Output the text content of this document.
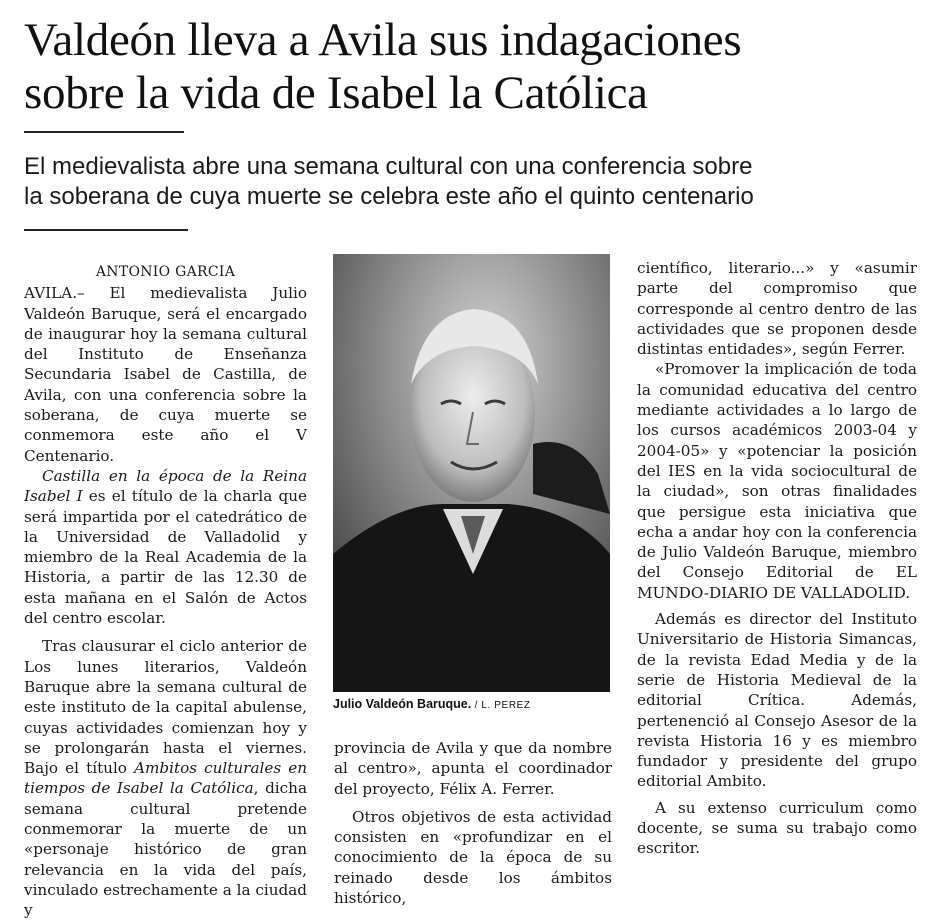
Valdeón lleva a Avila sus indagaciones
sobre la vida de Isabel la Católica
El medievalista abre una semana cultural con una conferencia sobre
la soberana de cuya muerte se celebra este año el quinto centenario
ANTONIO GARCIA

AVILA.– El medievalista Julio Valdeón Baruque, será el encargado de inaugurar hoy la semana cultural del Instituto de Enseñanza Secundaria Isabel de Castilla, de Avila, con una conferencia sobre la soberana, de cuya muerte se conmemora este año el V Centenario.

Castilla en la época de la Reina Isabel I es el título de la charla que será impartida por el catedrático de la Universidad de Valladolid y miembro de la Real Academia de la Historia, a partir de las 12.30 de esta mañana en el Salón de Actos del centro escolar.

Tras clausurar el ciclo anterior de Los lunes literarios, Valdeón Baruque abre la semana cultural de este instituto de la capital abulense, cuyas actividades comienzan hoy y se prolongarán hasta el viernes. Bajo el título Ambitos culturales en tiempos de Isabel la Católica, dicha semana cultural pretende conmemorar la muerte de un «personaje histórico de gran relevancia en la vida del país, vinculado estrechamente a la ciudad y

Julio Valdeón Baruque. / L. PEREZ

provincia de Avila y que da nombre al centro», apunta el coordinador del proyecto, Félix A. Ferrer.

Otros objetivos de esta actividad consisten en «profundizar en el conocimiento de la época de su reinado desde los ámbitos histórico,

científico, literario...» y «asumir parte del compromiso que corresponde al centro dentro de las actividades que se proponen desde distintas entidades», según Ferrer.

«Promover la implicación de toda la comunidad educativa del centro mediante actividades a lo largo de los cursos académicos 2003-04 y 2004-05» y «potenciar la posición del IES en la vida sociocultural de la ciudad», son otras finalidades que persigue esta iniciativa que echa a andar hoy con la conferencia de Julio Valdeón Baruque, miembro del Consejo Editorial de EL MUNDO-DIARIO DE VALLADOLID.

Además es director del Instituto Universitario de Historia Simancas, de la revista Edad Media y de la serie de Historia Medieval de la editorial Crítica. Además, pertenenció al Consejo Asesor de la revista Historia 16 y es miembro fundador y presidente del grupo editorial Ambito.

A su extenso curriculum como docente, se suma su trabajo como escritor.
